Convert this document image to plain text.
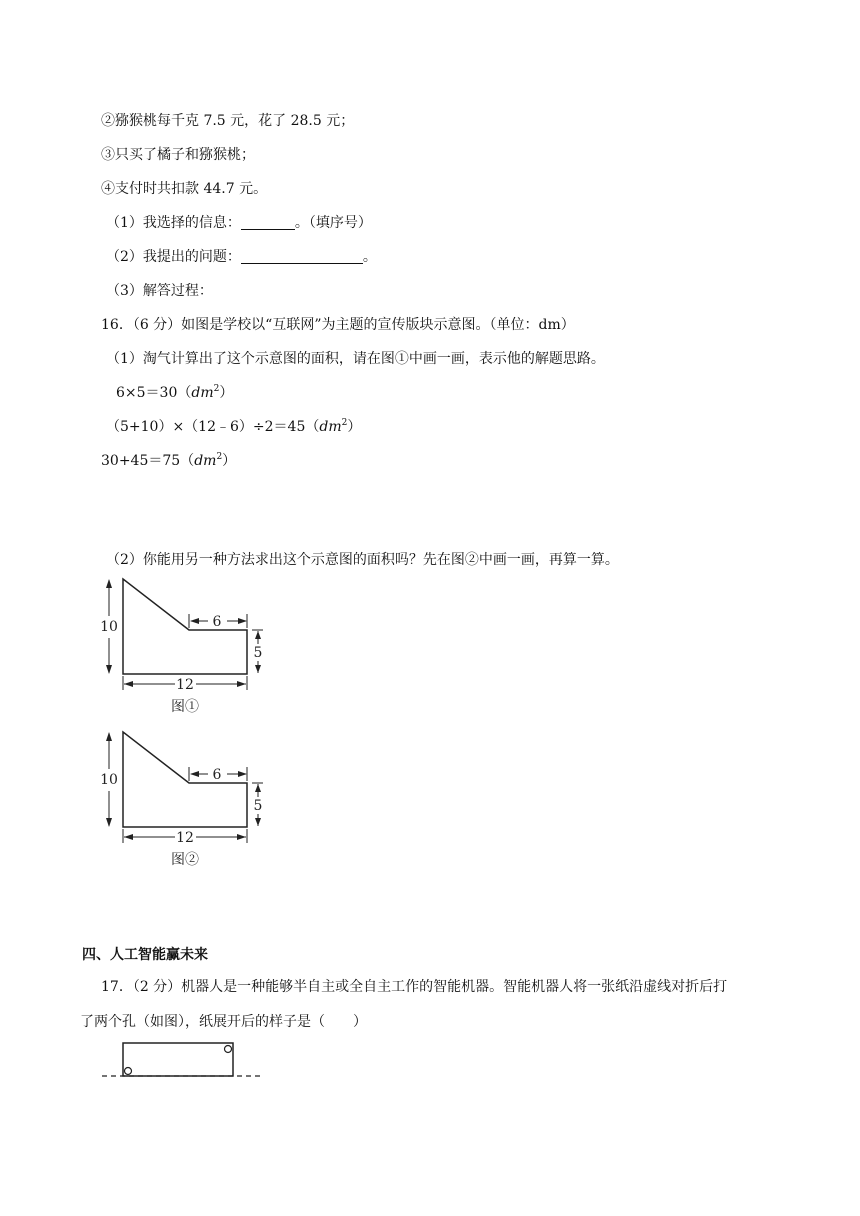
②猕猴桃每千克 7.5 元，花了 28.5 元；
③只买了橘子和猕猴桃；
④支付时共扣款 44.7 元。
（1）我选择的信息：	。（填序号）
（2）我提出的问题：	。
（3）解答过程：
16．（6 分）如图是学校以“互联网”为主题的宣传版块示意图。（单位：dm）
（1）淘气计算出了这个示意图的面积，请在图①中画一画，表示他的解题思路。
$6\times 5=30(dm^2)$
$(5+10)\times(12﹣6)\div 2=45(dm^2)$
$30+45=75(dm^2)$
（2）你能用另一种方法求出这个示意图的面积吗？先在图②中画一画，再算一算。
10	6
5
12
图①
10	6
5
12
图②
四、人工智能赢未来
17．（2 分）机器人是一种能够半自主或全自主工作的智能机器。智能机器人将一张纸沿虚线对折后打
了两个孔（如图），纸展开后的样子是（　　）
